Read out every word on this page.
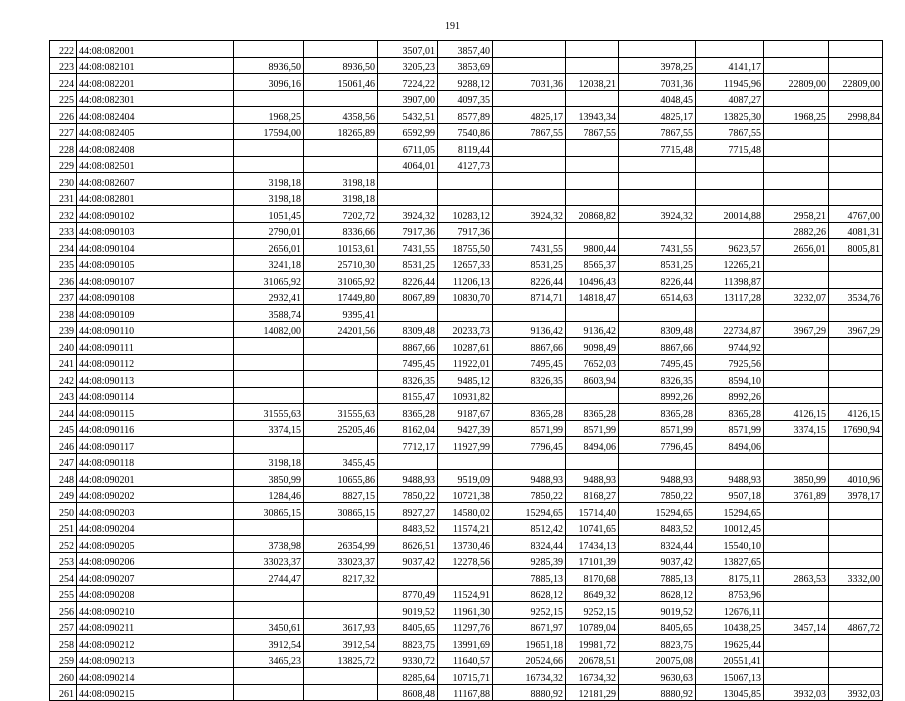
191
222	44:08:082001			3507,01	3857,40						
223	44:08:082101	8936,50	8936,50	3205,23	3853,69			3978,25	4141,17		
224	44:08:082201	3096,16	15061,46	7224,22	9288,12	7031,36	12038,21	7031,36	11945,96	22809,00	22809,00
225	44:08:082301			3907,00	4097,35			4048,45	4087,27		
226	44:08:082404	1968,25	4358,56	5432,51	8577,89	4825,17	13943,34	4825,17	13825,30	1968,25	2998,84
227	44:08:082405	17594,00	18265,89	6592,99	7540,86	7867,55	7867,55	7867,55	7867,55		
228	44:08:082408			6711,05	8119,44			7715,48	7715,48		
229	44:08:082501			4064,01	4127,73						
230	44:08:082607	3198,18	3198,18								
231	44:08:082801	3198,18	3198,18								
232	44:08:090102	1051,45	7202,72	3924,32	10283,12	3924,32	20868,82	3924,32	20014,88	2958,21	4767,00
233	44:08:090103	2790,01	8336,66	7917,36	7917,36					2882,26	4081,31
234	44:08:090104	2656,01	10153,61	7431,55	18755,50	7431,55	9800,44	7431,55	9623,57	2656,01	8005,81
235	44:08:090105	3241,18	25710,30	8531,25	12657,33	8531,25	8565,37	8531,25	12265,21		
236	44:08:090107	31065,92	31065,92	8226,44	11206,13	8226,44	10496,43	8226,44	11398,87		
237	44:08:090108	2932,41	17449,80	8067,89	10830,70	8714,71	14818,47	6514,63	13117,28	3232,07	3534,76
238	44:08:090109	3588,74	9395,41								
239	44:08:090110	14082,00	24201,56	8309,48	20233,73	9136,42	9136,42	8309,48	22734,87	3967,29	3967,29
240	44:08:090111			8867,66	10287,61	8867,66	9098,49	8867,66	9744,92		
241	44:08:090112			7495,45	11922,01	7495,45	7652,03	7495,45	7925,56		
242	44:08:090113			8326,35	9485,12	8326,35	8603,94	8326,35	8594,10		
243	44:08:090114			8155,47	10931,82			8992,26	8992,26		
244	44:08:090115	31555,63	31555,63	8365,28	9187,67	8365,28	8365,28	8365,28	8365,28	4126,15	4126,15
245	44:08:090116	3374,15	25205,46	8162,04	9427,39	8571,99	8571,99	8571,99	8571,99	3374,15	17690,94
246	44:08:090117			7712,17	11927,99	7796,45	8494,06	7796,45	8494,06		
247	44:08:090118	3198,18	3455,45								
248	44:08:090201	3850,99	10655,86	9488,93	9519,09	9488,93	9488,93	9488,93	9488,93	3850,99	4010,96
249	44:08:090202	1284,46	8827,15	7850,22	10721,38	7850,22	8168,27	7850,22	9507,18	3761,89	3978,17
250	44:08:090203	30865,15	30865,15	8927,27	14580,02	15294,65	15714,40	15294,65	15294,65		
251	44:08:090204			8483,52	11574,21	8512,42	10741,65	8483,52	10012,45		
252	44:08:090205	3738,98	26354,99	8626,51	13730,46	8324,44	17434,13	8324,44	15540,10		
253	44:08:090206	33023,37	33023,37	9037,42	12278,56	9285,39	17101,39	9037,42	13827,65		
254	44:08:090207	2744,47	8217,32			7885,13	8170,68	7885,13	8175,11	2863,53	3332,00
255	44:08:090208			8770,49	11524,91	8628,12	8649,32	8628,12	8753,96		
256	44:08:090210			9019,52	11961,30	9252,15	9252,15	9019,52	12676,11		
257	44:08:090211	3450,61	3617,93	8405,65	11297,76	8671,97	10789,04	8405,65	10438,25	3457,14	4867,72
258	44:08:090212	3912,54	3912,54	8823,75	13991,69	19651,18	19981,72	8823,75	19625,44		
259	44:08:090213	3465,23	13825,72	9330,72	11640,57	20524,66	20678,51	20075,08	20551,41		
260	44:08:090214			8285,64	10715,71	16734,32	16734,32	9630,63	15067,13		
261	44:08:090215			8608,48	11167,88	8880,92	12181,29	8880,92	13045,85	3932,03	3932,03
